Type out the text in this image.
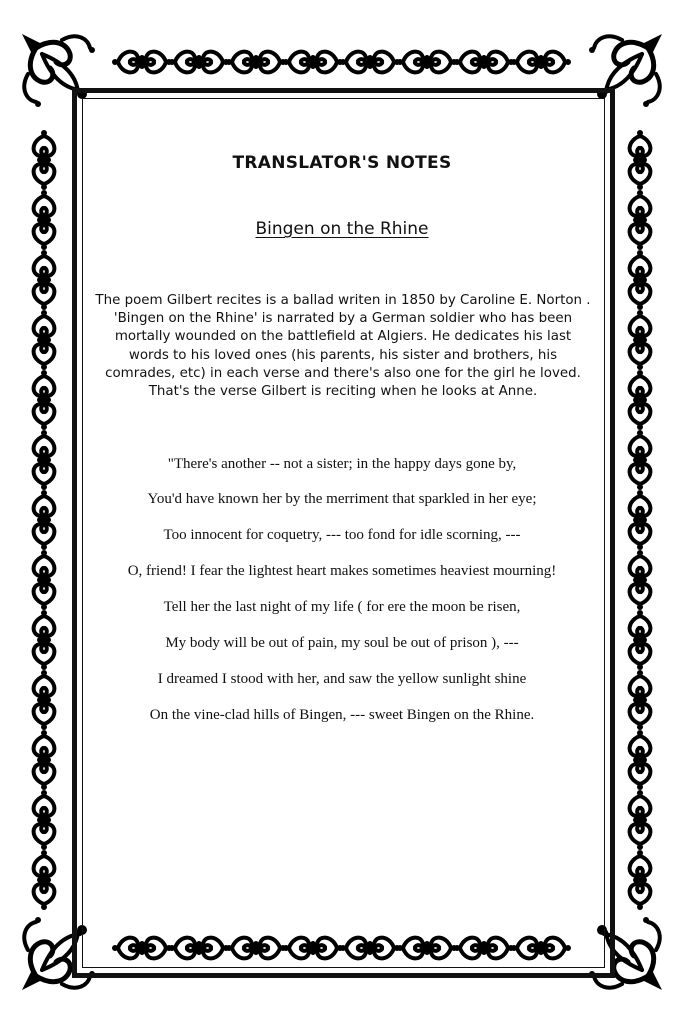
TRANSLATOR'S NOTES
Bingen on the Rhine
The poem Gilbert recites is a ballad writen in 1850 by Caroline E. Norton . 'Bingen on the Rhine' is narrated by a German soldier who has been mortally wounded on the battlefield at Algiers. He dedicates his last words to his loved ones (his parents, his sister and brothers, his comrades, etc) in each verse and there's also one for the girl he loved. That's the verse Gilbert is reciting when he looks at Anne.
"There's another -- not a sister; in the happy days gone by,
You'd have known her by the merriment that sparkled in her eye;
Too innocent for coquetry, --- too fond for idle scorning, ---
O, friend! I fear the lightest heart makes sometimes heaviest mourning!
Tell her the last night of my life ( for ere the moon be risen,
My body will be out of pain, my soul be out of prison ), ---
I dreamed I stood with her, and saw the yellow sunlight shine
On the vine-clad hills of Bingen, --- sweet Bingen on the Rhine.
